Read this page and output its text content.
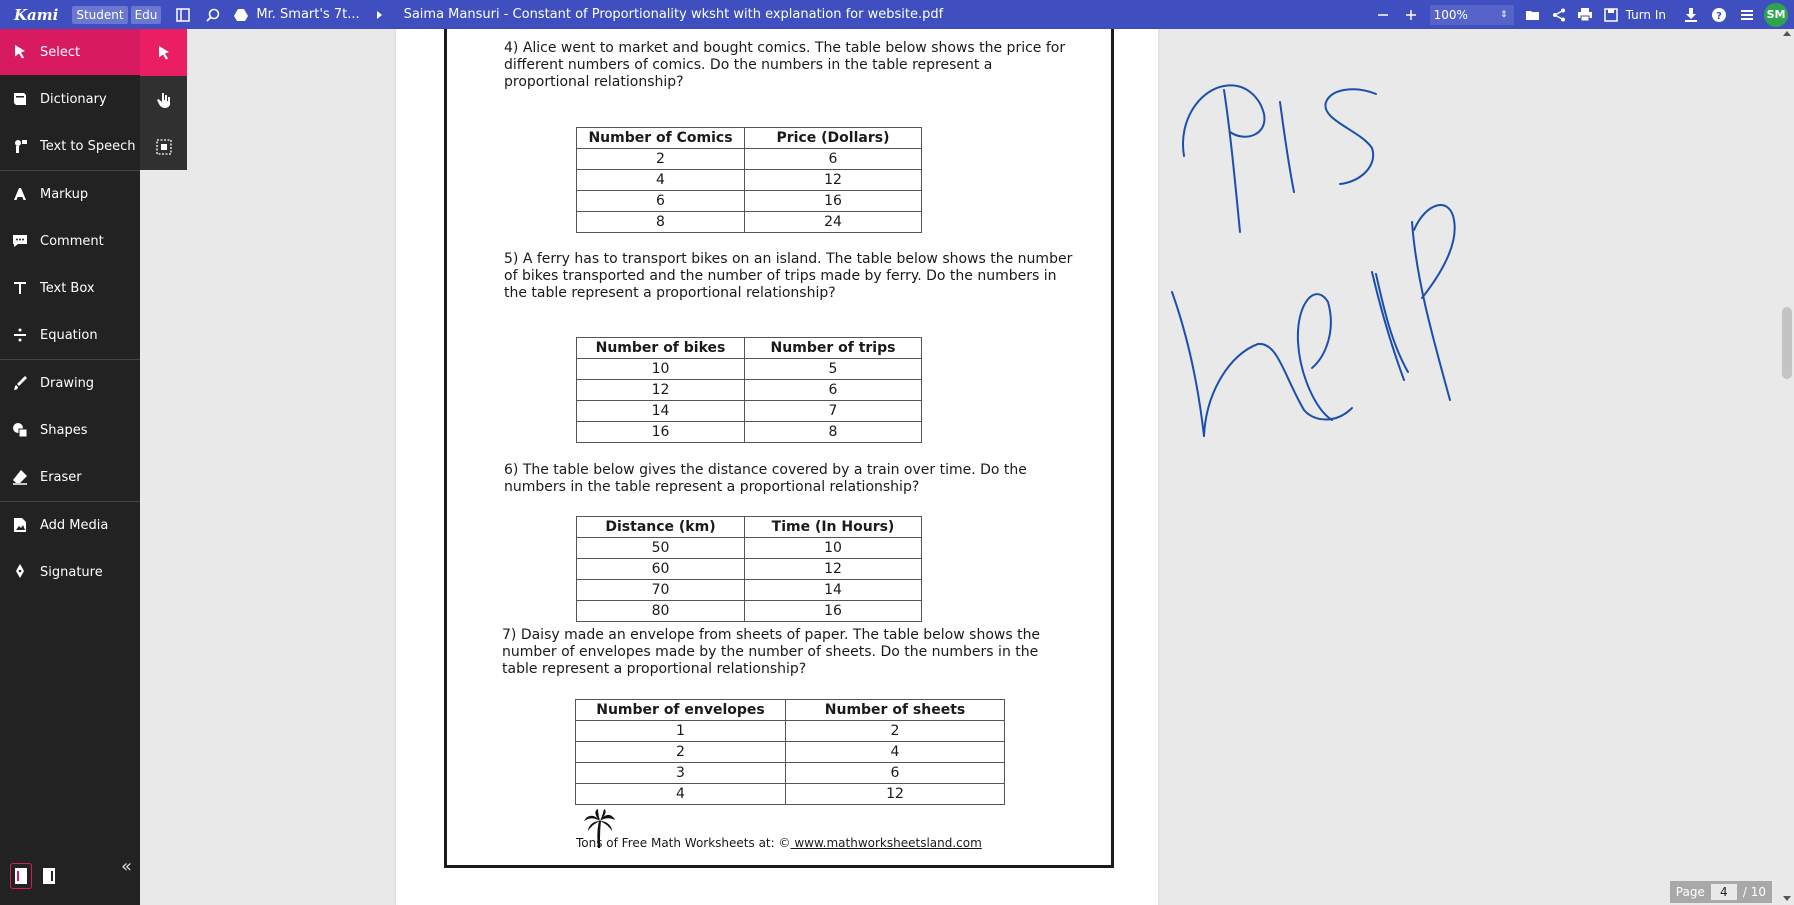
Kami	Student Edu	Mr. Smart's 7t...	Saima Mansuri - Constant of Proportionality wksht with explanation for website.pdf	100%	⇕	Turn In	?	SM
Select
Dictionary
Text to Speech
Markup
Comment
Text Box
Equation
Drawing
Shapes
Eraser
Add Media
Signature
«

4) Alice went to market and bought comics. The table below shows the price for different numbers of comics. Do the numbers in the table represent a proportional relationship?

Number of Comics	Price (Dollars)
2	6
4	12
6	16
8	24

5) A ferry has to transport bikes on an island. The table below shows the number of bikes transported and the number of trips made by ferry. Do the numbers in the table represent a proportional relationship?

Number of bikes	Number of trips
10	5
12	6
14	7
16	8

6) The table below gives the distance covered by a train over time. Do the numbers in the table represent a proportional relationship?

Distance (km)	Time (In Hours)
50	10
60	12
70	14
80	16

7) Daisy made an envelope from sheets of paper. The table below shows the number of envelopes made by the number of sheets. Do the numbers in the table represent a proportional relationship?

Number of envelopes	Number of sheets
1	2
2	4
3	6
4	12
Tons of Free Math Worksheets at: © www.mathworksheetsland.com
Page	4	/ 10
